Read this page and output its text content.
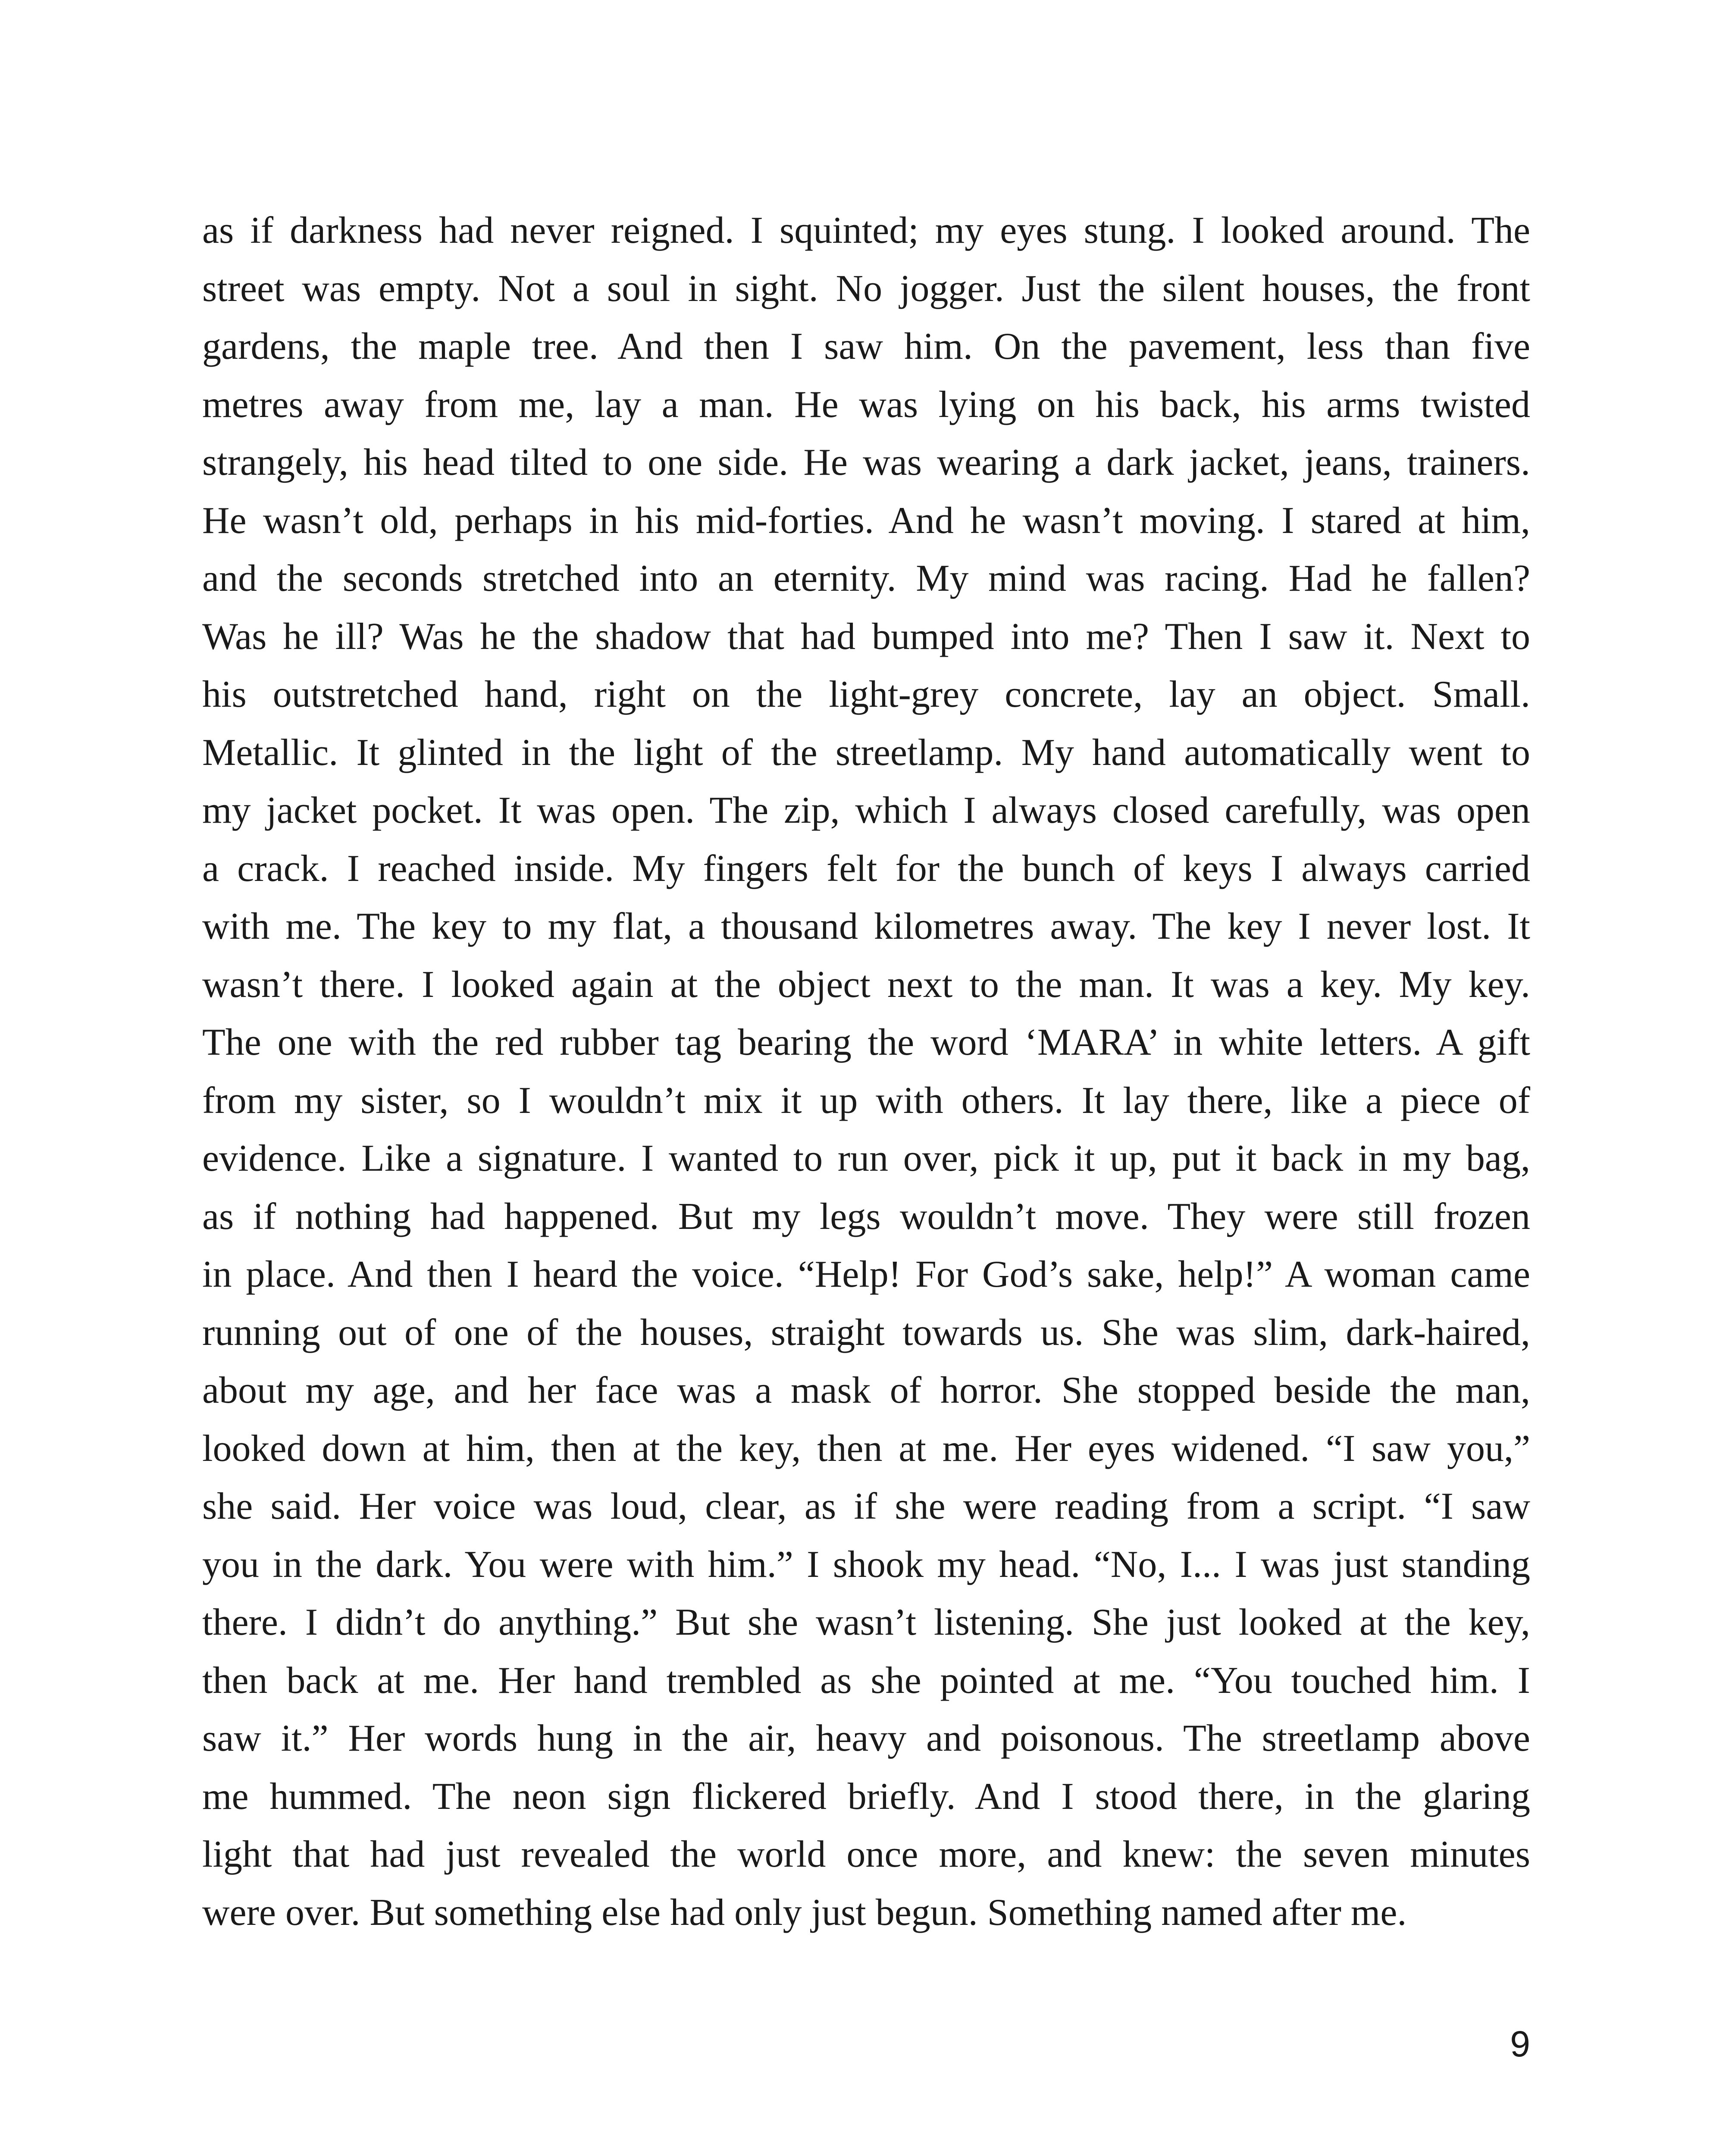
as if darkness had never reigned. I squinted; my eyes stung. I looked around. The
street was empty. Not a soul in sight. No jogger. Just the silent houses, the front
gardens, the maple tree. And then I saw him. On the pavement, less than five
metres away from me, lay a man. He was lying on his back, his arms twisted
strangely, his head tilted to one side. He was wearing a dark jacket, jeans, trainers.
He wasn’t old, perhaps in his mid-forties. And he wasn’t moving. I stared at him,
and the seconds stretched into an eternity. My mind was racing. Had he fallen?
Was he ill? Was he the shadow that had bumped into me? Then I saw it. Next to
his outstretched hand, right on the light-grey concrete, lay an object. Small.
Metallic. It glinted in the light of the streetlamp. My hand automatically went to
my jacket pocket. It was open. The zip, which I always closed carefully, was open
a crack. I reached inside. My fingers felt for the bunch of keys I always carried
with me. The key to my flat, a thousand kilometres away. The key I never lost. It
wasn’t there. I looked again at the object next to the man. It was a key. My key.
The one with the red rubber tag bearing the word ‘MARA’ in white letters. A gift
from my sister, so I wouldn’t mix it up with others. It lay there, like a piece of
evidence. Like a signature. I wanted to run over, pick it up, put it back in my bag,
as if nothing had happened. But my legs wouldn’t move. They were still frozen
in place. And then I heard the voice. “Help! For God’s sake, help!” A woman came
running out of one of the houses, straight towards us. She was slim, dark-haired,
about my age, and her face was a mask of horror. She stopped beside the man,
looked down at him, then at the key, then at me. Her eyes widened. “I saw you,”
she said. Her voice was loud, clear, as if she were reading from a script. “I saw
you in the dark. You were with him.” I shook my head. “No, I... I was just standing
there. I didn’t do anything.” But she wasn’t listening. She just looked at the key,
then back at me. Her hand trembled as she pointed at me. “You touched him. I
saw it.” Her words hung in the air, heavy and poisonous. The streetlamp above
me hummed. The neon sign flickered briefly. And I stood there, in the glaring
light that had just revealed the world once more, and knew: the seven minutes
were over. But something else had only just begun. Something named after me.
9
